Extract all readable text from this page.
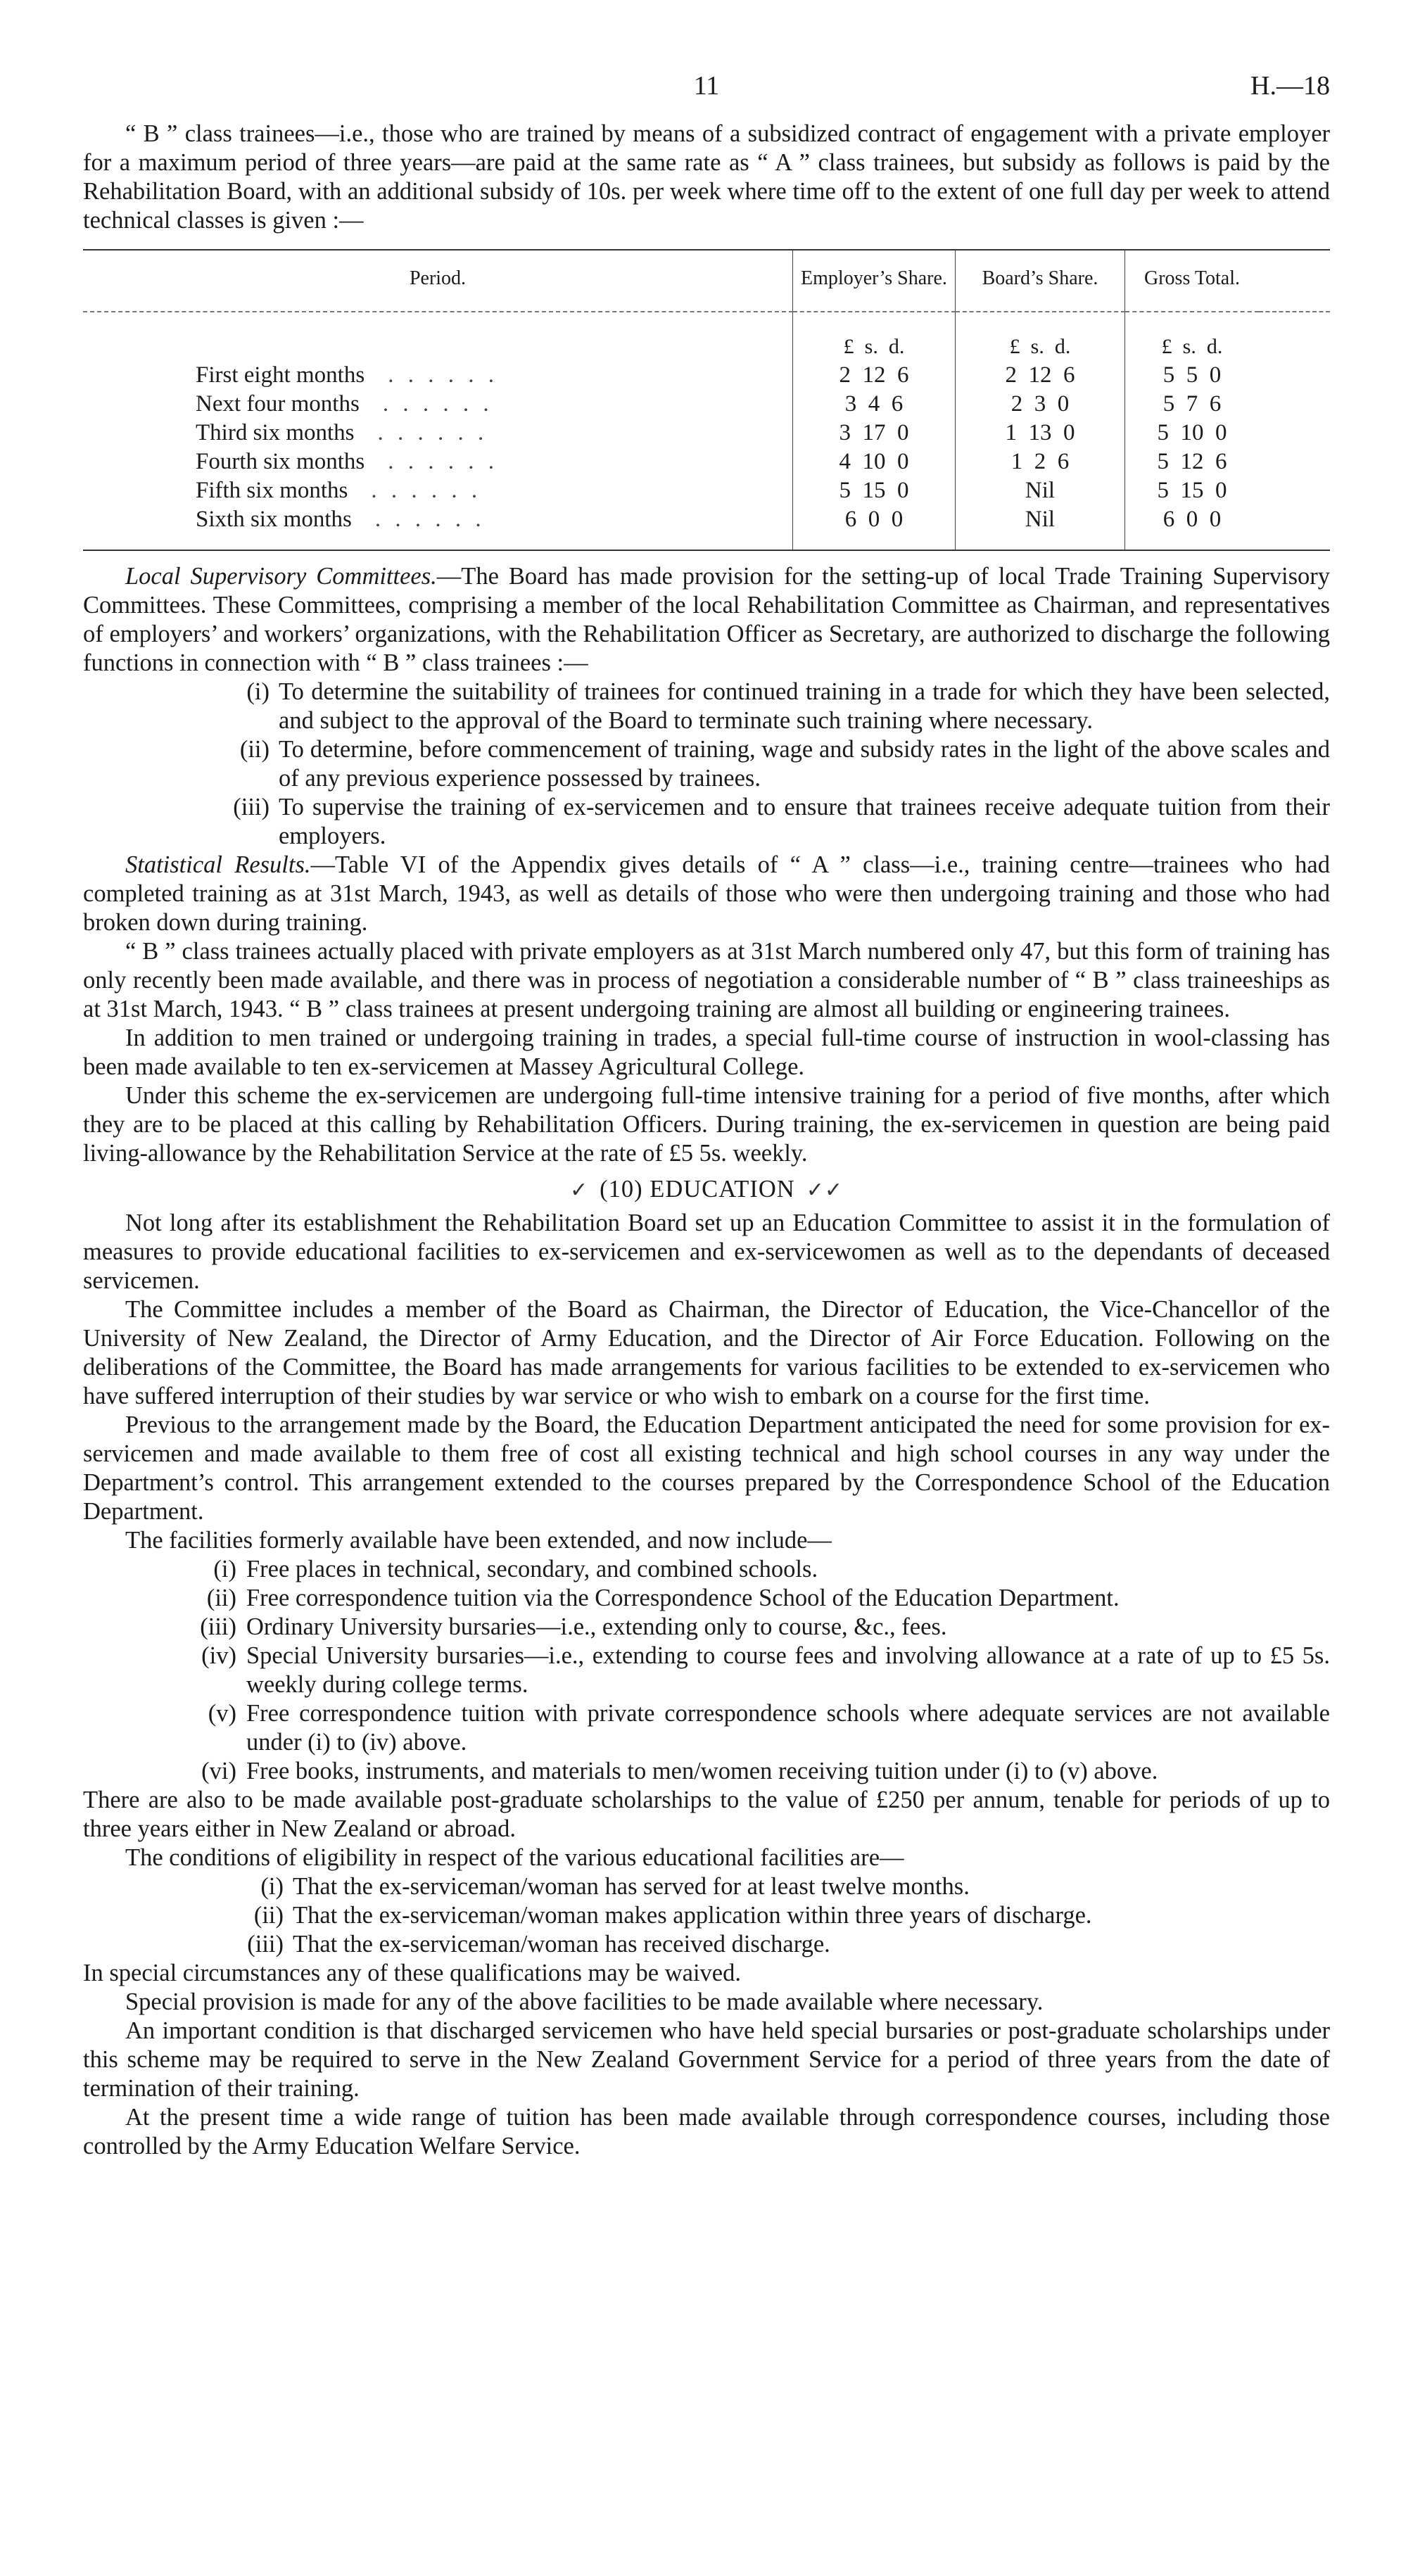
11	H.—18

“ B ” class trainees—i.e., those who are trained by means of a subsidized contract of engagement with a private employer for a maximum period of three years—are paid at the same rate as “ A ” class trainees, but subsidy as follows is paid by the Rehabilitation Board, with an additional subsidy of 10s. per week where time off to the extent of one full day per week to attend technical classes is given :—

Period.	Employer’s Share.	Board’s Share.	Gross Total.	
	£  s.  d.	£  s.  d.	£  s.  d.	
First eight months . . . . . .	2  12  6	2  12  6	5  5  0	
Next four months . . . . . .	3  4  6	2  3  0	5  7  6	
Third six months . . . . . .	3  17  0	1  13  0	5  10  0	
Fourth six months . . . . . .	4  10  0	1  2  6	5  12  6	
Fifth six months . . . . . .	5  15  0	Nil	5  15  0	
Sixth six months . . . . . .	6  0  0	Nil	6  0  0	

Local Supervisory Committees.—The Board has made provision for the setting-up of local Trade Training Supervisory Committees. These Committees, comprising a member of the local Rehabilitation Committee as Chairman, and representatives of employers’ and workers’ organizations, with the Rehabilitation Officer as Secretary, are authorized to discharge the following functions in connection with “ B ” class trainees :—

(i) To determine the suitability of trainees for continued training in a trade for which they have been selected, and subject to the approval of the Board to terminate such training where necessary.
(ii) To determine, before commencement of training, wage and subsidy rates in the light of the above scales and of any previous experience possessed by trainees.
(iii) To supervise the training of ex-servicemen and to ensure that trainees receive adequate tuition from their employers.

Statistical Results.—Table VI of the Appendix gives details of “ A ” class—i.e., training centre—trainees who had completed training as at 31st March, 1943, as well as details of those who were then undergoing training and those who had broken down during training.

“ B ” class trainees actually placed with private employers as at 31st March numbered only 47, but this form of training has only recently been made available, and there was in process of negotiation a considerable number of “ B ” class traineeships as at 31st March, 1943. “ B ” class trainees at present undergoing training are almost all building or engineering trainees.

In addition to men trained or undergoing training in trades, a special full-time course of instruction in wool-classing has been made available to ten ex-servicemen at Massey Agricultural College.

Under this scheme the ex-servicemen are undergoing full-time intensive training for a period of five months, after which they are to be placed at this calling by Rehabilitation Officers. During training, the ex-servicemen in question are being paid living-allowance by the Rehabilitation Service at the rate of £5 5s. weekly.

✓ (10) EDUCATION ✓✓

Not long after its establishment the Rehabilitation Board set up an Education Committee to assist it in the formulation of measures to provide educational facilities to ex-servicemen and ex-servicewomen as well as to the dependants of deceased servicemen.

The Committee includes a member of the Board as Chairman, the Director of Education, the Vice-Chancellor of the University of New Zealand, the Director of Army Education, and the Director of Air Force Education. Following on the deliberations of the Committee, the Board has made arrangements for various facilities to be extended to ex-servicemen who have suffered interruption of their studies by war service or who wish to embark on a course for the first time.

Previous to the arrangement made by the Board, the Education Department anticipated the need for some provision for ex-servicemen and made available to them free of cost all existing technical and high school courses in any way under the Department’s control. This arrangement extended to the courses prepared by the Correspondence School of the Education Department.

The facilities formerly available have been extended, and now include—

(i) Free places in technical, secondary, and combined schools.
(ii) Free correspondence tuition via the Correspondence School of the Education Department.
(iii) Ordinary University bursaries—i.e., extending only to course, &c., fees.
(iv) Special University bursaries—i.e., extending to course fees and involving allowance at a rate of up to £5 5s. weekly during college terms.
(v) Free correspondence tuition with private correspondence schools where adequate services are not available under (i) to (iv) above.
(vi) Free books, instruments, and materials to men/women receiving tuition under (i) to (v) above.

There are also to be made available post-graduate scholarships to the value of £250 per annum, tenable for periods of up to three years either in New Zealand or abroad.

The conditions of eligibility in respect of the various educational facilities are—

(i) That the ex-serviceman/woman has served for at least twelve months.
(ii) That the ex-serviceman/woman makes application within three years of discharge.
(iii) That the ex-serviceman/woman has received discharge.

In special circumstances any of these qualifications may be waived.

Special provision is made for any of the above facilities to be made available where necessary.

An important condition is that discharged servicemen who have held special bursaries or post-graduate scholarships under this scheme may be required to serve in the New Zealand Government Service for a period of three years from the date of termination of their training.

At the present time a wide range of tuition has been made available through correspondence courses, including those controlled by the Army Education Welfare Service.
